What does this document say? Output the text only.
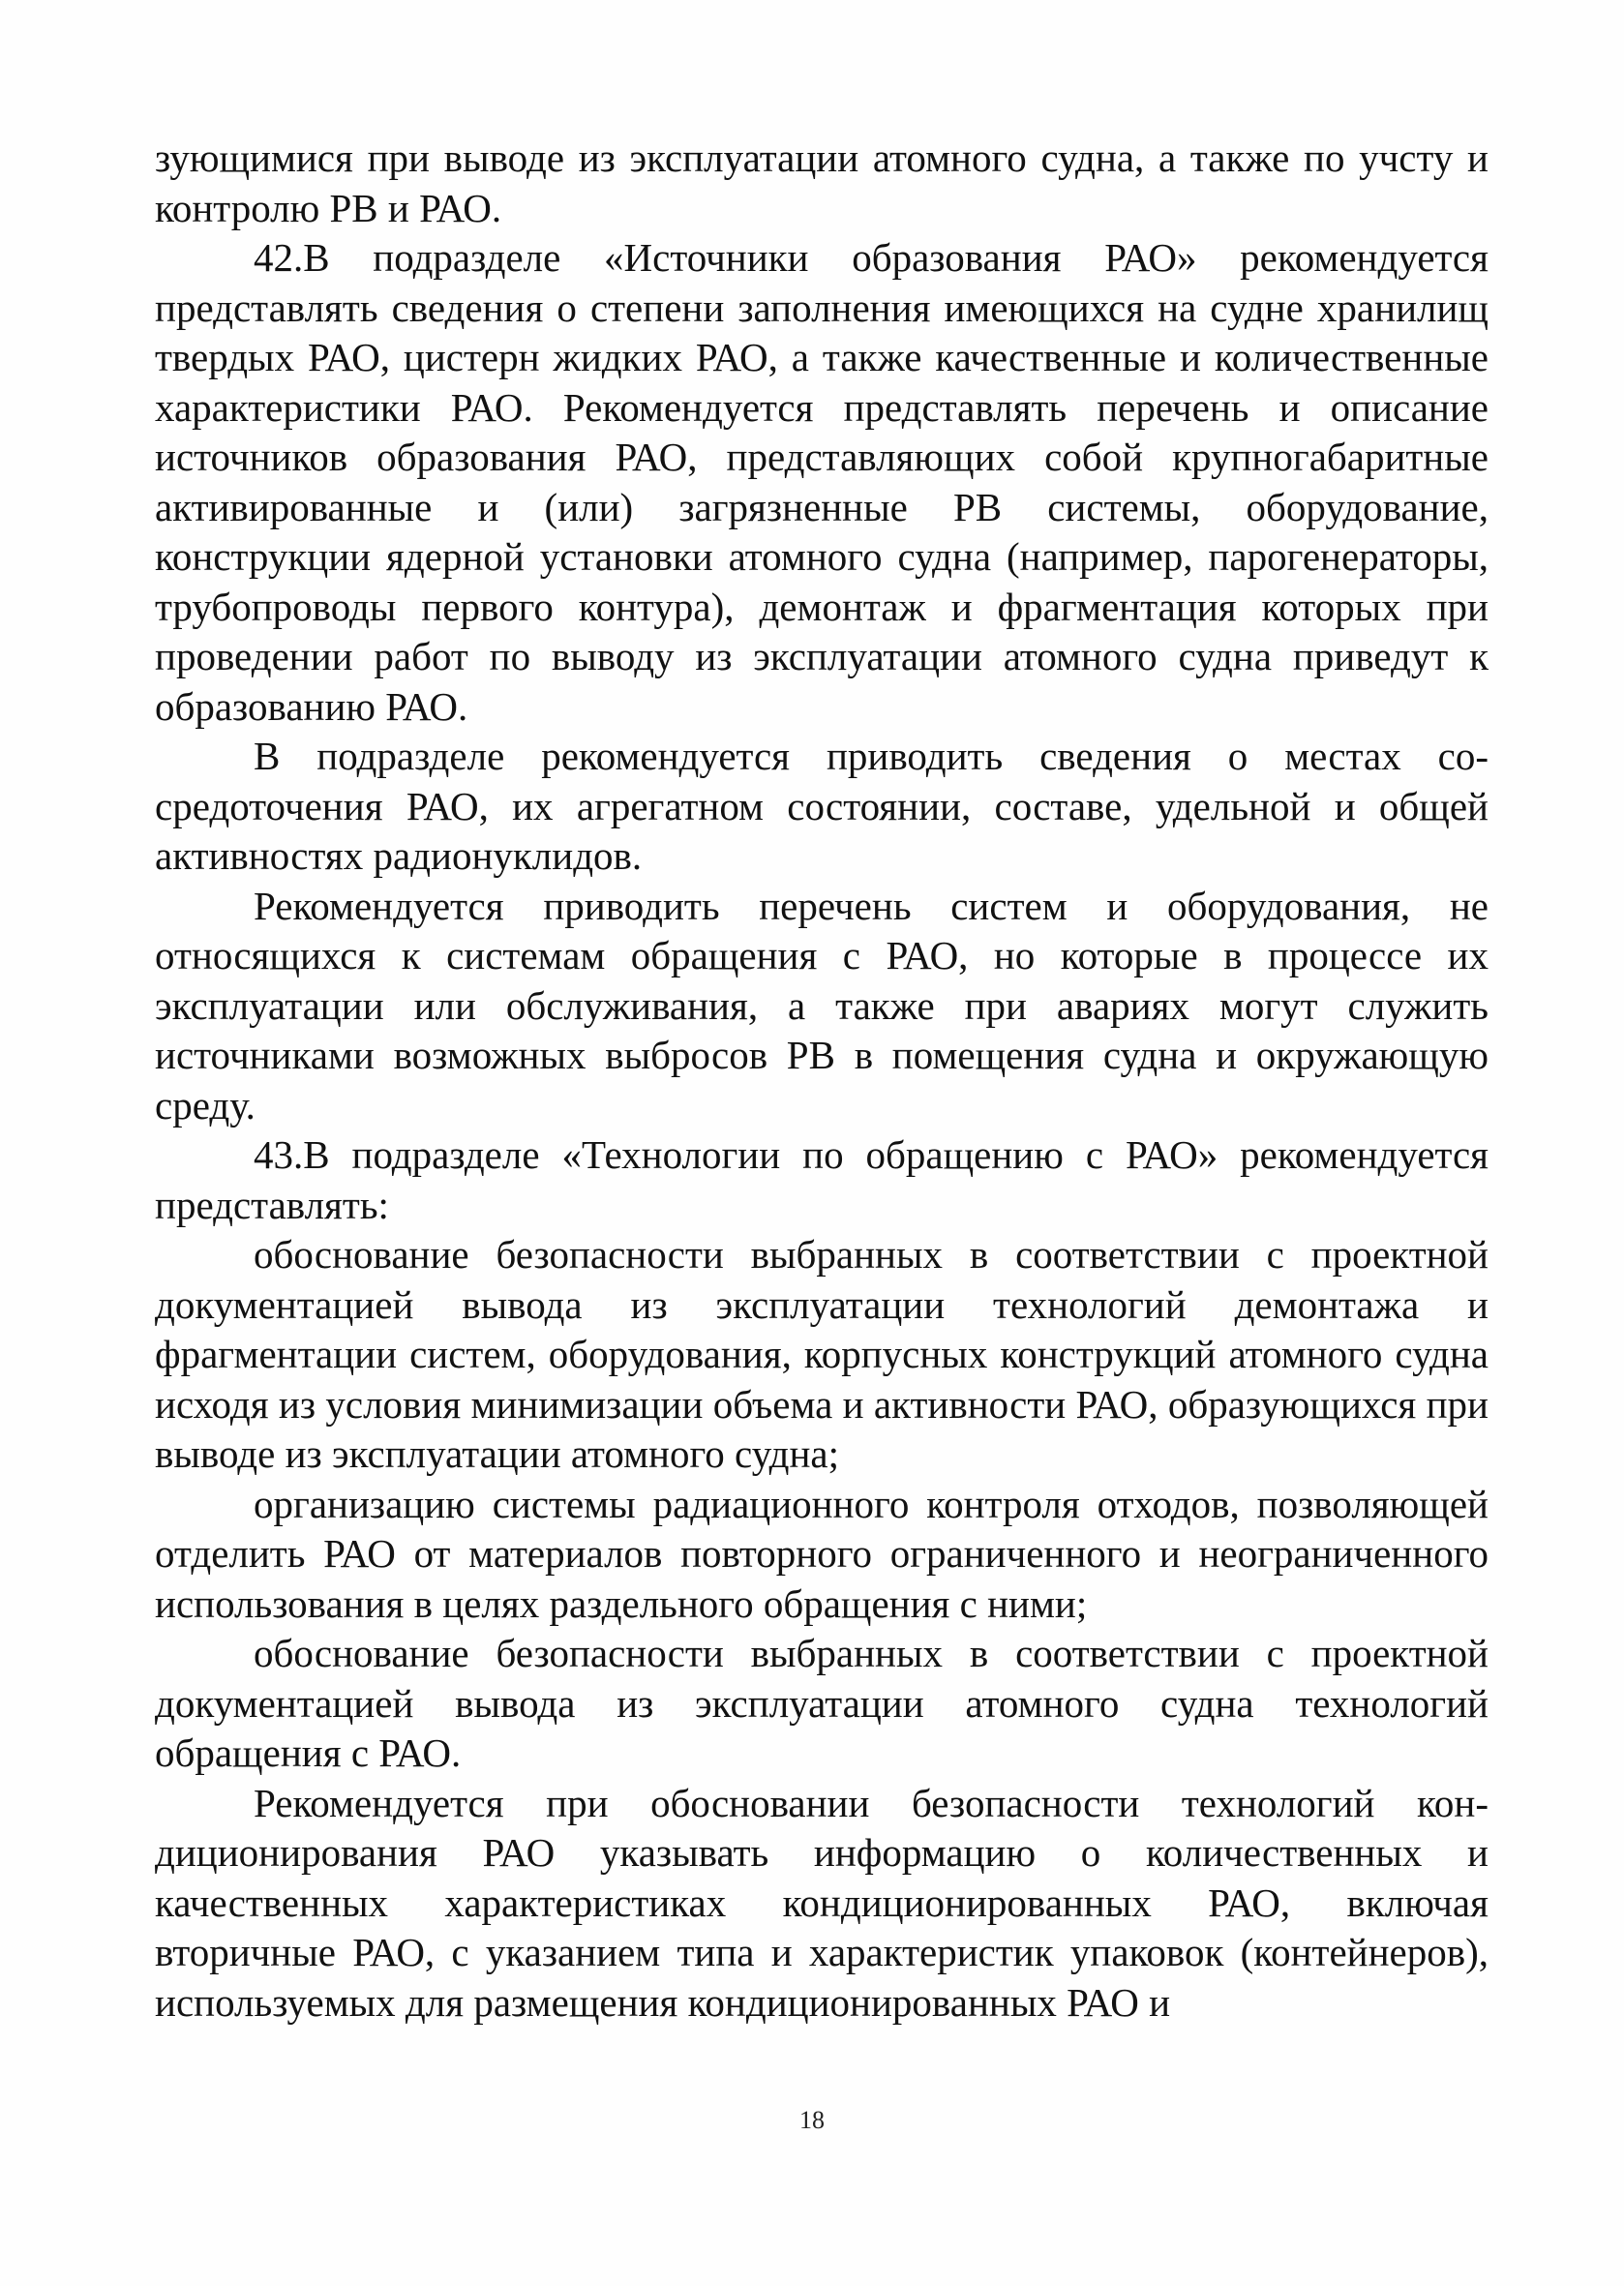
зующимися при выводе из эксплуатации атомного судна, а также по учсту и контролю РВ и РАО.

42.В подразделе «Источники образования РАО» рекомендуется представлять сведения о степени заполнения имеющихся на судне хранилищ твердых РАО, цистерн жидких РАО, а также качественные и количественные характеристики РАО. Рекомендуется представлять перечень и описание источников образования РАО, представляющих собой крупногабаритные активированные и (или) загрязненные РВ системы, оборудование, конструкции ядерной установки атомного судна (например, парогенераторы, трубопроводы первого контура), демонтаж и фрагментация которых при проведении работ по выводу из эксплуатации атомного судна приведут к образованию РАО.

В подразделе рекомендуется приводить сведения о местах сосредоточения РАО, их агрегатном состоянии, составе, удельной и общей активностях радионуклидов.

Рекомендуется приводить перечень систем и оборудования, не относящихся к системам обращения с РАО, но которые в процессе их эксплуатации или обслуживания, а также при авариях могут служить источниками возможных выбросов РВ в помещения судна и окружающую среду.

43.В подразделе «Технологии по обращению с РАО» рекомендуется представлять:

обоснование безопасности выбранных в соответствии с проектной документацией вывода из эксплуатации технологий демонтажа и фрагментации систем, оборудования, корпусных конструкций атомного судна исходя из условия минимизации объема и активности РАО, образующихся при выводе из эксплуатации атомного судна;

организацию системы радиационного контроля отходов, позволяющей отделить РАО от материалов повторного ограниченного и неограниченного использования в целях раздельного обращения с ними;

обоснование безопасности выбранных в соответствии с проектной документацией вывода из эксплуатации атомного судна технологий обращения с РАО.

Рекомендуется при обосновании безопасности технологий кондиционирования РАО указывать информацию о количественных и качественных характеристиках кондиционированных РАО, включая вторичные РАО, с указанием типа и характеристик упаковок (контейнеров), используемых для размещения кондиционированных РАО и

18
